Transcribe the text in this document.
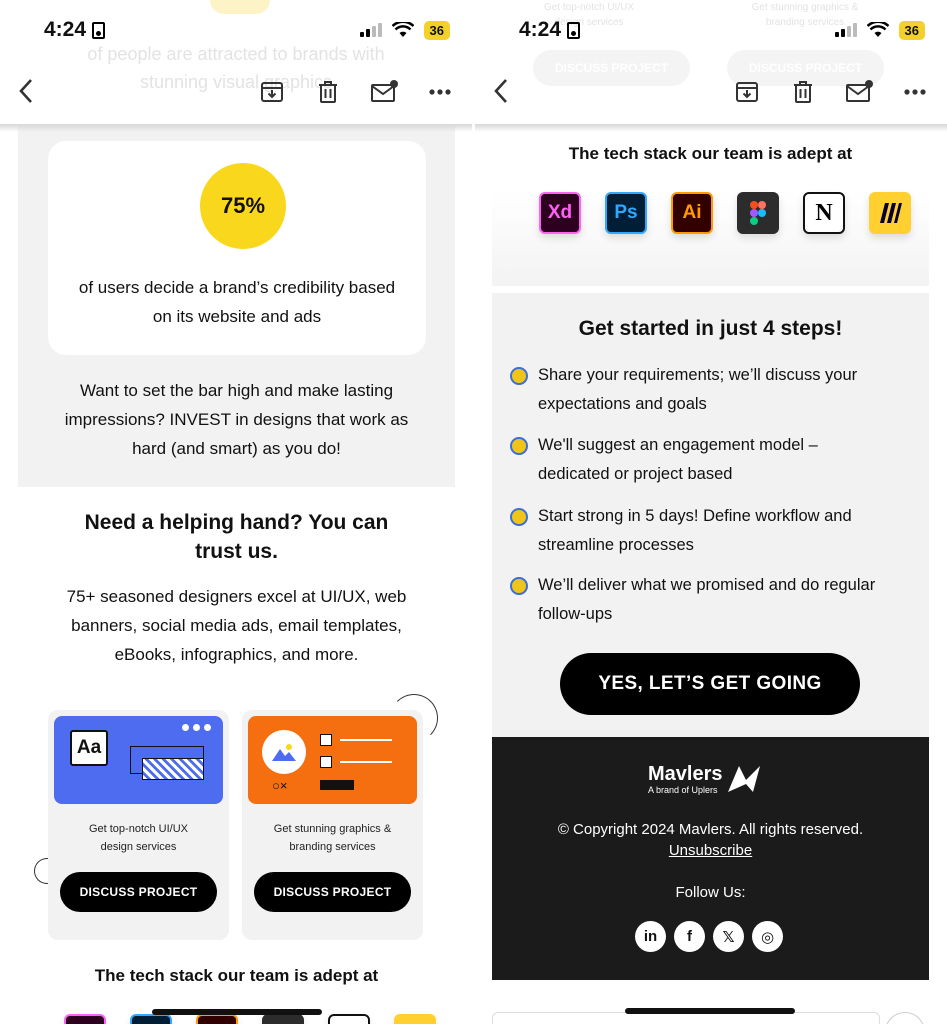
of people are attracted to brands with
stunning visual graphics
4:24	36
75%
of users decide a brand’s credibility based
on its website and ads
Want to set the bar high and make lasting
impressions? INVEST in designs that work as
hard (and smart) as you do!
Need a helping hand? You can
trust us.
75+ seasoned designers excel at UI/UX, web
banners, social media ads, email templates,
eBooks, infographics, and more.
Aa
Get top-notch UI/UX
design services
DISCUSS PROJECT
○×
Get stunning graphics &
branding services
DISCUSS PROJECT
The tech stack our team is adept at
Get top-notch UI/UX
design services
Get stunning graphics &
branding services
DISCUSS PROJECT	DISCUSS PROJECT
4:24	36
The tech stack our team is adept at
Xd	Ps	Ai	N
Get started in just 4 steps!
Share your requirements; we’ll discuss your
expectations and goals
We'll suggest an engagement model –
dedicated or project based
Start strong in 5 days! Define workflow and
streamline processes
We’ll deliver what we promised and do regular
follow-ups
YES, LET’S GET GOING
Mavlers
A brand of Uplers
© Copyright 2024 Mavlers. All rights reserved.
Unsubscribe
Follow Us:
in	f	𝕏	◎
